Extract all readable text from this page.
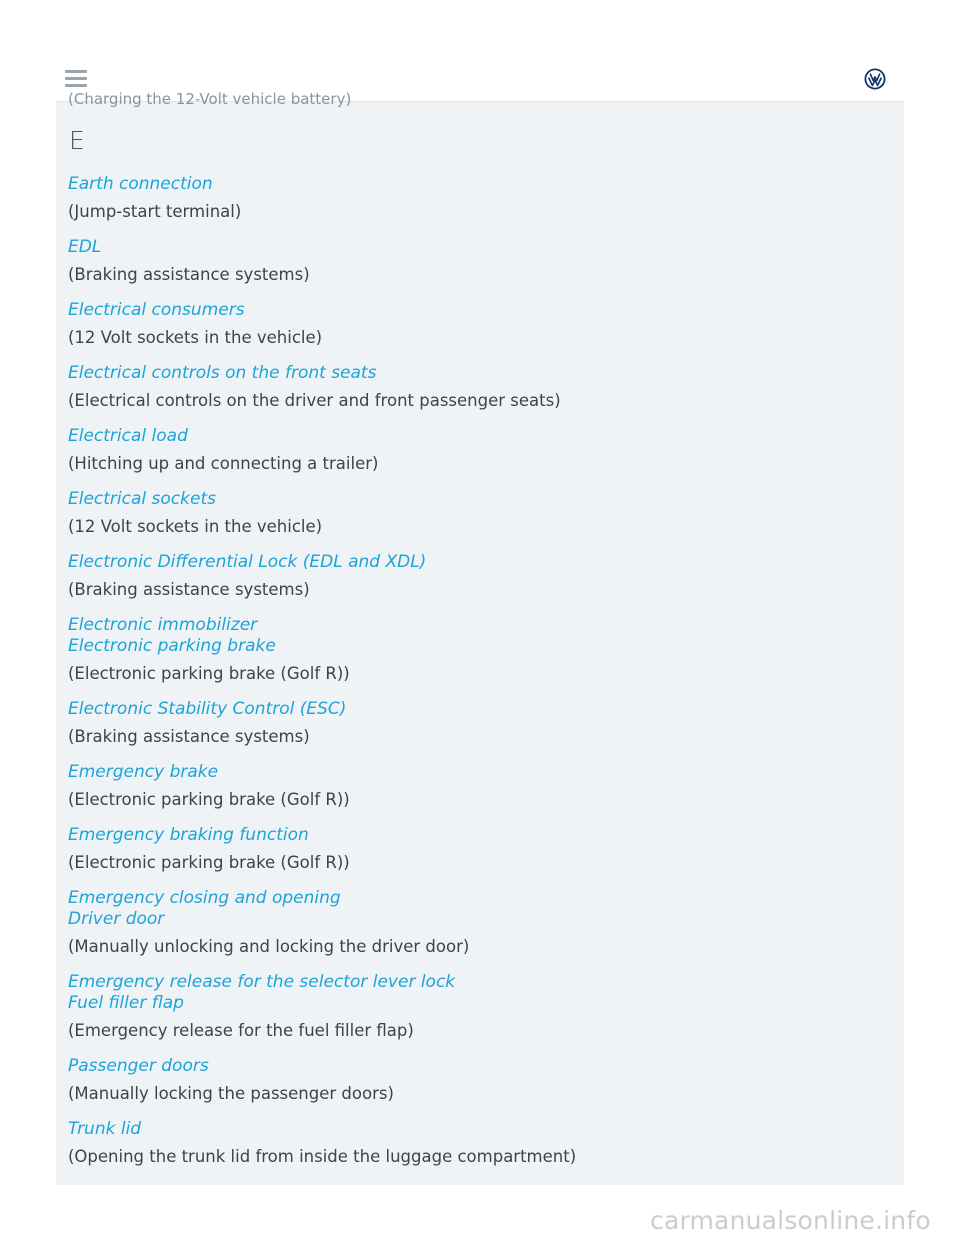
(Charging the 12-Volt vehicle battery)
E
Earth connection
(Jump-start terminal)
EDL
(Braking assistance systems)
Electrical consumers
(12 Volt sockets in the vehicle)
Electrical controls on the front seats
(Electrical controls on the driver and front passenger seats)
Electrical load
(Hitching up and connecting a trailer)
Electrical sockets
(12 Volt sockets in the vehicle)
Electronic Differential Lock (EDL and XDL)
(Braking assistance systems)
Electronic immobilizer
Electronic parking brake
(Electronic parking brake (Golf R))
Electronic Stability Control (ESC)
(Braking assistance systems)
Emergency brake
(Electronic parking brake (Golf R))
Emergency braking function
(Electronic parking brake (Golf R))
Emergency closing and opening
Driver door
(Manually unlocking and locking the driver door)
Emergency release for the selector lever lock
Fuel filler flap
(Emergency release for the fuel filler flap)
Passenger doors
(Manually locking the passenger doors)
Trunk lid
(Opening the trunk lid from inside the luggage compartment)
carmanualsonline.info
